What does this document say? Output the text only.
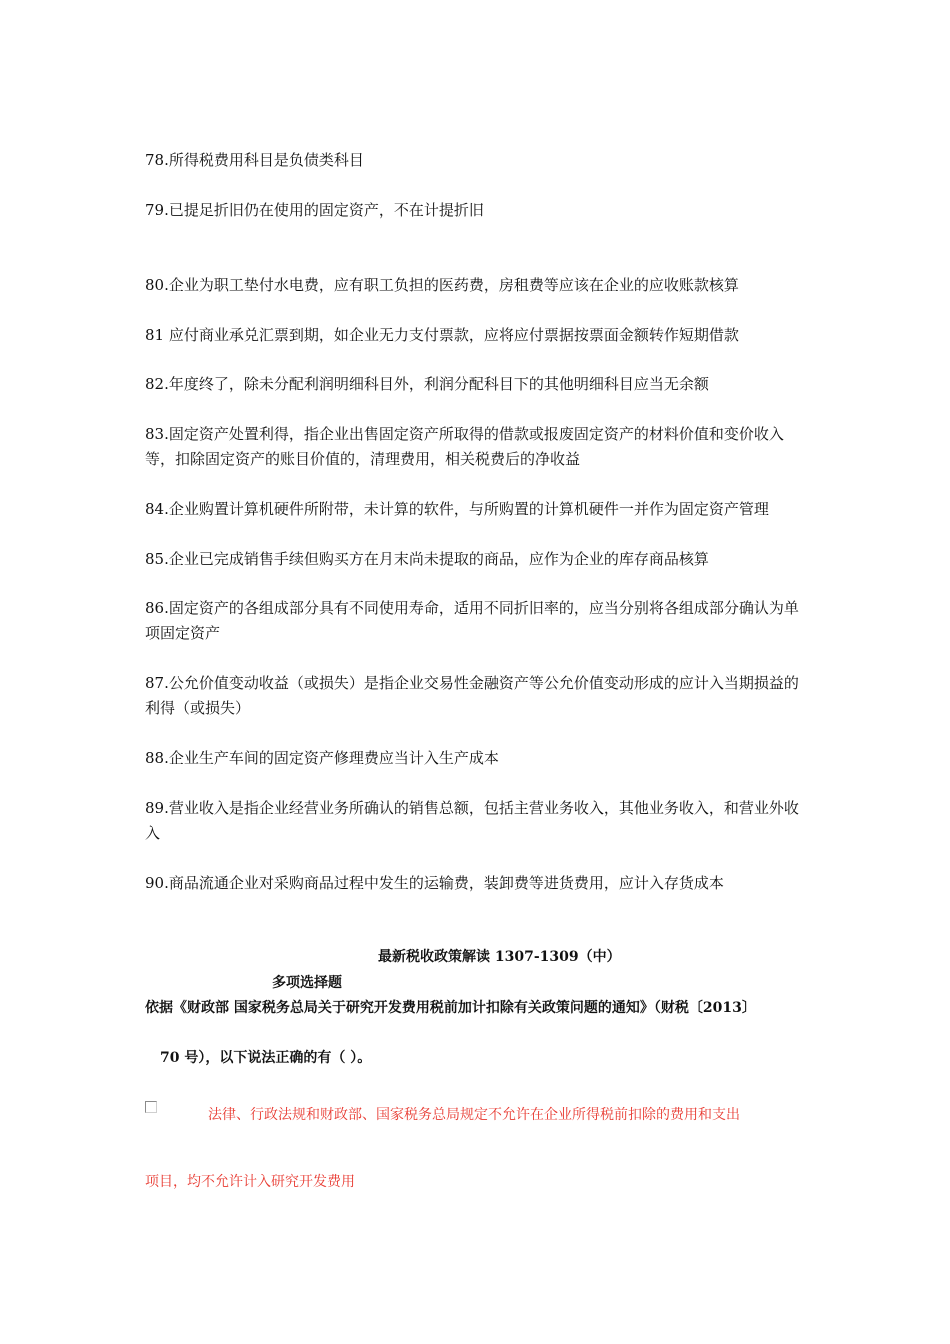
78.所得税费用科目是负债类科目
79.已提足折旧仍在使用的固定资产，不在计提折旧
80.企业为职工垫付水电费，应有职工负担的医药费，房租费等应该在企业的应收账款核算
81 应付商业承兑汇票到期，如企业无力支付票款，应将应付票据按票面金额转作短期借款
82.年度终了，除未分配利润明细科目外，利润分配科目下的其他明细科目应当无余额
83.固定资产处置利得，指企业出售固定资产所取得的借款或报废固定资产的材料价值和变价收入等，扣除固定资产的账目价值的，清理费用，相关税费后的净收益
84.企业购置计算机硬件所附带，未计算的软件，与所购置的计算机硬件一并作为固定资产管理
85.企业已完成销售手续但购买方在月末尚未提取的商品，应作为企业的库存商品核算
86.固定资产的各组成部分具有不同使用寿命，适用不同折旧率的，应当分别将各组成部分确认为单项固定资产
87.公允价值变动收益（或损失）是指企业交易性金融资产等公允价值变动形成的应计入当期损益的利得（或损失）
88.企业生产车间的固定资产修理费应当计入生产成本
89.营业收入是指企业经营业务所确认的销售总额，包括主营业务收入，其他业务收入，和营业外收入
90.商品流通企业对采购商品过程中发生的运输费，装卸费等进货费用，应计入存货成本
最新税收政策解读 1307-1309（中）
多项选择题
依据《财政部 国家税务总局关于研究开发费用税前加计扣除有关政策问题的通知》（财税〔2013〕
70 号），以下说法正确的有（ ）。
法律、行政法规和财政部、国家税务总局规定不允许在企业所得税前扣除的费用和支出
项目，均不允许计入研究开发费用
